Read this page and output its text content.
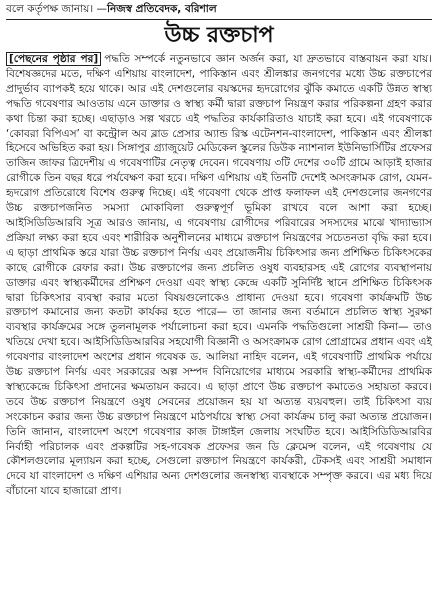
বলে কর্তৃপক্ষ জানায়। —নিজস্ব প্রতিবেদক, বরিশাল
উচ্চ রক্তচাপ

[পেছনের পৃষ্ঠার পর] পদ্ধতি সম্পর্কে নতুনভাবে জ্ঞান অর্জন করা, যা দ্রুতভাবে বাস্তবায়ন করা যায়। বিশেষজ্ঞদের মতে, দক্ষিণ এশিয়ায় বাংলাদেশ, পাকিস্তান এবং শ্রীলঙ্কার জনগণের মধ্যে উচ্চ রক্তচাপের প্রাদুর্ভাব ব্যাপকই হয়ে থাকে। আর এই দেশগুলোর বয়স্কদের হৃদরোগের ঝুঁকি কমাতে একটি উন্নত স্বাস্থ্য পদ্ধতি গবেষণার আওতায় এনে ডাক্তার ও স্বাস্থ্য কর্মী দ্বারা রক্তচাপ নিয়ন্ত্রণ করার পরিকল্পনা গ্রহণ করার কথা চিন্তা করা হচ্ছে। এছাড়াও সল্প খরচে এই পদ্ধতির কার্যকারিতাও যাচাই করা হবে। এই গবেষণাকে ‘কোবরা বিপিএস’ বা কন্ট্রোল অব ব্লাড প্রেসার অ্যান্ড রিস্ক এটেনশন-বাংলাদেশ, পাকিস্তান এবং শ্রীলঙ্কা হিসেবে অভিহিত করা হয়। সিঙ্গাপুর গ্র্যাজুয়েট মেডিকেল স্কুলের ডিউক ন্যাশনাল ইউনিভার্সিটির প্রফেসর তাজিন জাফর ত্রিদেশীয় এ গবেষণাটির নেতৃত্ব দেবেন। গবেষণায় ৩টি দেশের ৩০টি গ্রামে আড়াই হাজার রোগীকে তিন বছর ধরে পর্যবেক্ষণ করা হবে। দক্ষিণ এশিয়ায় এই তিনটি দেশেই অসংক্রামক রোগ, যেমন-হৃদরোগ প্রতিরোধে বিশেষ গুরুত্ব দিচ্ছে। এই গবেষণা থেকে প্রাপ্ত ফলাফল এই দেশগুলোর জনগণের উচ্চ রক্তচাপজনিত সমস্যা মোকাবিলা গুরুত্বপূর্ণ ভূমিকা রাখবে বলে আশা করা হচ্ছে। আইসিডিডিআরবি সূত্র আরও জানায়, এ গবেষণায় রোগীদের পরিবারের সদস্যদের মাঝে খাদ্যাভ্যাস প্রক্রিয়া লক্ষ্য করা হবে এবং শারীরিক অনুশীলনের মাধ্যমে রক্তচাপ নিয়ন্ত্রণের সচেতনতা বৃদ্ধি করা হবে। এ ছাড়া প্রাথমিক স্তরে যারা উচ্চ রক্তচাপ নির্ণয় এবং প্রয়োজনীয় চিকিৎসার জন্য প্রশিক্ষিত চিকিৎসকের কাছে রোগীকে রেফার করা। উচ্চ রক্তচাপের জন্য প্রচলিত ওষুধ ব্যবহারসহ এই রোগের ব্যবস্থাপনায় ডাক্তার এবং স্বাস্থ্যকর্মীদের প্রশিক্ষণ দেওয়া এবং স্বাস্থ্য কেন্দ্রে একটি সুনির্দিষ্ট স্থানে প্রশিক্ষিত চিকিৎসক দ্বারা চিকিৎসার ব্যবস্থা করার মতো বিষয়গুলোকেও প্রাধান্য দেওয়া হবে। গবেষণা কার্যক্রমটি উচ্চ রক্তচাপ কমানোর জন্য কতটা কার্যকর হতে পারে— তা জানার জন্য বর্তমানে প্রচলিত স্বাস্থ্য সুরক্ষা ব্যবস্থার কার্যক্রমের সঙ্গে তুলনামূলক পর্যালোচনা করা হবে। এমনকি পদ্ধতিগুলো সাশ্রয়ী কিনা— তাও খতিয়ে দেখা হবে। আইসিডিডিআরবির সহযোগী বিজ্ঞানী ও অসংক্রামক রোগ প্রোগ্রামের প্রধান এবং এই গবেষণার বাংলাদেশ অংশের প্রধান গবেষক ড. আলিয়া নাহিদ বলেন, এই গবেষণাটি প্রাথমিক পর্যায়ে উচ্চ রক্তচাপ নির্ণয় এবং সরকারের অল্প সম্পদ বিনিয়োগের মাধ্যমে সরকারি স্বাস্থ্য-কর্মীদের প্রাথমিক স্বাস্থ্যকেন্দ্রে চিকিৎসা প্রদানের ক্ষমতায়ন করবে। এ ছাড়া প্রাণে উচ্চ রক্তচাপ কমাতেও সহায়তা করবে। তবে উচ্চ রক্তচাপ নিয়ন্ত্রণে ওষুধ সেবনের প্রয়োজন হয় যা অত্যন্ত ব্যয়বহুল। তাই চিকিৎসা ব্যয় সংকোচন করার জন্য উচ্চ রক্তচাপ নিয়ন্ত্রণে মাঠপর্যায়ে স্বাস্থ্য সেবা কার্যক্রম চালু করা অত্যন্ত প্রয়োজন। তিনি জানান, বাংলাদেশ অংশে গবেষণার কাজ টাঙ্গাইল জেলায় সংঘটিত হবে। আইসিডিডিআরবির নির্বাহী পরিচালক এবং প্রকল্পটির সহ-গবেষক প্রফেসর জন ডি ক্লেমেন্স বলেন, এই গবেষণায় যে কৌশলগুলোর মূল্যায়ন করা হচ্ছে, সেগুলো রক্তচাপ নিয়ন্ত্রণে কার্যকরী, টেকসই এবং সাশ্রয়ী সমাধান দেবে যা বাংলাদেশ ও দক্ষিণ এশিয়ার অন্য দেশগুলোর জনস্বাস্থ্য ব্যবস্থাকে সম্পৃক্ত করবে। এর মধ্য দিয়ে বাঁচানো যাবে হাজারো প্রাণ।
